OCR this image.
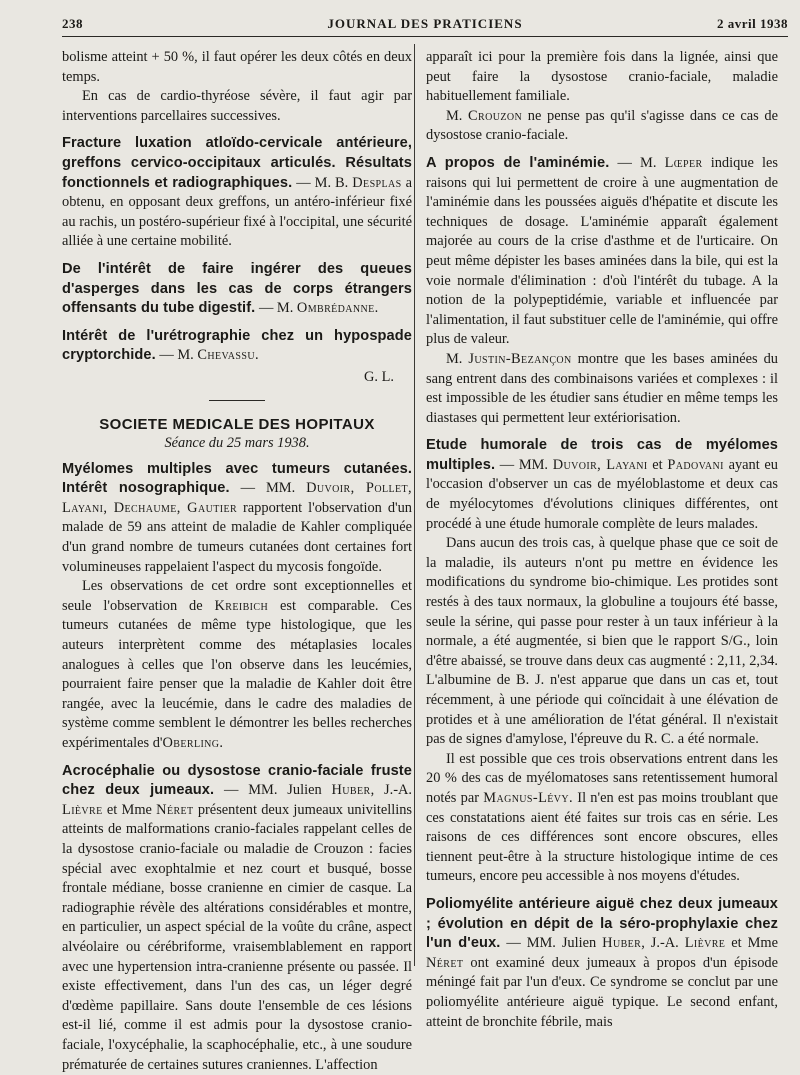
238	JOURNAL DES PRATICIENS	2 avril 1938

bolisme atteint + 50 %, il faut opérer les deux côtés en deux temps.

En cas de cardio-thyréose sévère, il faut agir par interventions parcellaires successives.

Fracture luxation atloïdo-cervicale antérieure, greffons cervico-occipitaux articulés. Résultats fonctionnels et radiographiques. — M. B. Desplas a obtenu, en opposant deux greffons, un antéro-inférieur fixé au rachis, un postéro-supérieur fixé à l'occipital, une sécurité alliée à une certaine mobilité.

De l'intérêt de faire ingérer des queues d'asperges dans les cas de corps étrangers offensants du tube digestif. — M. Ombrédanne.

Intérêt de l'urétrographie chez un hypospade cryptorchide. — M. Chevassu.

G. L.
SOCIETE MEDICALE DES HOPITAUX
Séance du 25 mars 1938.

Myélomes multiples avec tumeurs cutanées. Intérêt nosographique. — MM. Duvoir, Pollet, Layani, Dechaume, Gautier rapportent l'observation d'un malade de 59 ans atteint de maladie de Kahler compliquée d'un grand nombre de tumeurs cutanées dont certaines fort volumineuses rappelaient l'aspect du mycosis fongoïde.

Les observations de cet ordre sont exceptionnelles et seule l'observation de Kreibich est comparable. Ces tumeurs cutanées de même type histologique, que les auteurs interprètent comme des métaplasies locales analogues à celles que l'on observe dans les leucémies, pourraient faire penser que la maladie de Kahler doit être rangée, avec la leucémie, dans le cadre des maladies de système comme semblent le démontrer les belles recherches expérimentales d'Oberling.

Acrocéphalie ou dysostose cranio-faciale fruste chez deux jumeaux. — MM. Julien Huber, J.-A. Lièvre et Mme Néret présentent deux jumeaux univitellins atteints de malformations cranio-faciales rappelant celles de la dysostose cranio-faciale ou maladie de Crouzon : facies spécial avec exophtalmie et nez court et busqué, bosse frontale médiane, bosse cranienne en cimier de casque. La radiographie révèle des altérations considérables et montre, en particulier, un aspect spécial de la voûte du crâne, aspect alvéolaire ou cérébriforme, vraisemblablement en rapport avec une hypertension intra-cranienne présente ou passée. Il existe effectivement, dans l'un des cas, un léger degré d'œdème papillaire. Sans doute l'ensemble de ces lésions est-il lié, comme il est admis pour la dysostose cranio-faciale, l'oxycéphalie, la scaphocéphalie, etc., à une soudure prématurée de certaines sutures craniennes. L'affection

apparaît ici pour la première fois dans la lignée, ainsi que peut faire la dysostose cranio-faciale, maladie habituellement familiale.

M. Crouzon ne pense pas qu'il s'agisse dans ce cas de dysostose cranio-faciale.

A propos de l'aminémie. — M. Lœper indique les raisons qui lui permettent de croire à une augmentation de l'aminémie dans les poussées aiguës d'hépatite et discute les techniques de dosage. L'aminémie apparaît également majorée au cours de la crise d'asthme et de l'urticaire. On peut même dépister les bases aminées dans la bile, qui est la voie normale d'élimination : d'où l'intérêt du tubage. A la notion de la polypeptidémie, variable et influencée par l'alimentation, il faut substituer celle de l'aminémie, qui offre plus de valeur.

M. Justin-Bezançon montre que les bases aminées du sang entrent dans des combinaisons variées et complexes : il est impossible de les étudier sans étudier en même temps les diastases qui permettent leur extériorisation.

Etude humorale de trois cas de myélomes multiples. — MM. Duvoir, Layani et Padovani ayant eu l'occasion d'observer un cas de myéloblastome et deux cas de myélocytomes d'évolutions cliniques différentes, ont procédé à une étude humorale complète de leurs malades.

Dans aucun des trois cas, à quelque phase que ce soit de la maladie, ils auteurs n'ont pu mettre en évidence les modifications du syndrome bio-chimique. Les protides sont restés à des taux normaux, la globuline a toujours été basse, seule la sérine, qui passe pour rester à un taux inférieur à la normale, a été augmentée, si bien que le rapport S/G., loin d'être abaissé, se trouve dans deux cas augmenté : 2,11, 2,34. L'albumine de B. J. n'est apparue que dans un cas et, tout récemment, à une période qui coïncidait à une élévation de protides et à une amélioration de l'état général. Il n'existait pas de signes d'amylose, l'épreuve du R. C. a été normale.

Il est possible que ces trois observations entrent dans les 20 % des cas de myélomatoses sans retentissement humoral notés par Magnus-Lévy. Il n'en est pas moins troublant que ces constatations aient été faites sur trois cas en série. Les raisons de ces différences sont encore obscures, elles tiennent peut-être à la structure histologique intime de ces tumeurs, encore peu accessible à nos moyens d'études.

Poliomyélite antérieure aiguë chez deux jumeaux ; évolution en dépit de la séro-prophylaxie chez l'un d'eux. — MM. Julien Huber, J.-A. Lièvre et Mme Néret ont examiné deux jumeaux à propos d'un épisode méningé fait par l'un d'eux. Ce syndrome se conclut par une poliomyélite antérieure aiguë typique. Le second enfant, atteint de bronchite fébrile, mais
